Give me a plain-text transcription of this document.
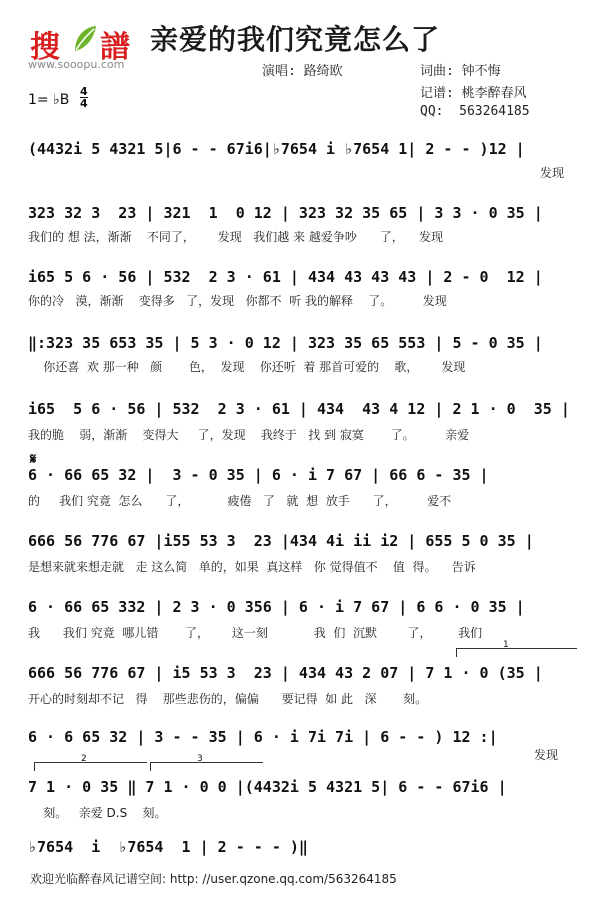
搜 譜
www.sooopu.com
亲爱的我们究竟怎么了
演唱: 路绮欧	词曲: 钟不悔
记谱: 桃李醉春风
QQ:  563264185
1= ♭B $\frac{4}{4}$
(4432i 5 4321 5|6 - - 67i6|♭7654 i ♭7654 1| 2 - - )12 |
发现
323 32 3  23 | 321  1  0 12 | 323 32 35 65 | 3 3 · 0 35 |
我们的 想 法，渐渐    不同了，      发现   我们越 来 越爱争吵      了，    发现
i65 5 6 · 56 | 532  2 3 · 61 | 434 43 43 43 | 2 - 0  12 |
你的冷   漠，渐渐    变得多   了，发现   你都不  听 我的解释    了。        发现
‖:323 35 653 35 | 5 3 · 0 12 | 323 35 65 553 | 5 - 0 35 |
你还喜  欢 那一种   颜       色，  发现    你还听  着 那首可爱的    歌，      发现
i65  5 6 · 56 | 532  2 3 · 61 | 434  43 4 12 | 2 1 · 0  35 |
我的脆    弱，渐渐    变得大     了，发现    我终于   找 到 寂寞       了。        亲爱
𝄋
6 · 66 65 32 |  3 - 0 35 | 6 · i 7 67 | 66 6 - 35 |
的     我们 究竟  怎么      了，          疲倦   了   就  想  放手      了，        爱不
666 56 776 67 |i55 53 3  23 |434 4i ii i2 | 655 5 0 35 |
是想来就来想走就   走 这么简   单的，如果  真这样   你 觉得值不    值  得。    告诉
6 · 66 65 332 | 2 3 · 0 356 | 6 · i 7 67 | 6 6 · 0 35 |
我      我们 究竟  哪儿错       了，      这一刻            我  们  沉默        了，       我们
1
666 56 776 67 | i5 53 3  23 | 434 43 2 07 | 7 1 · 0 (35 |
开心的时刻却不记   得    那些悲伤的，偏偏      要记得  如 此   深       刻。
6 · 6 65 32 | 3 - - 35 | 6 · i 7i 7i | 6 - - ) 12 :|
发现
2	3
7 1 · 0 35 ‖ 7 1 · 0 0 |(4432i 5 4321 5| 6 - - 67i6 |
刻。   亲爱 D.S    刻。
♭7654  i  ♭7654  1 | 2 - - - )‖
欢迎光临醉春风记谱空间: http: //user.qzone.qq.com/563264185
